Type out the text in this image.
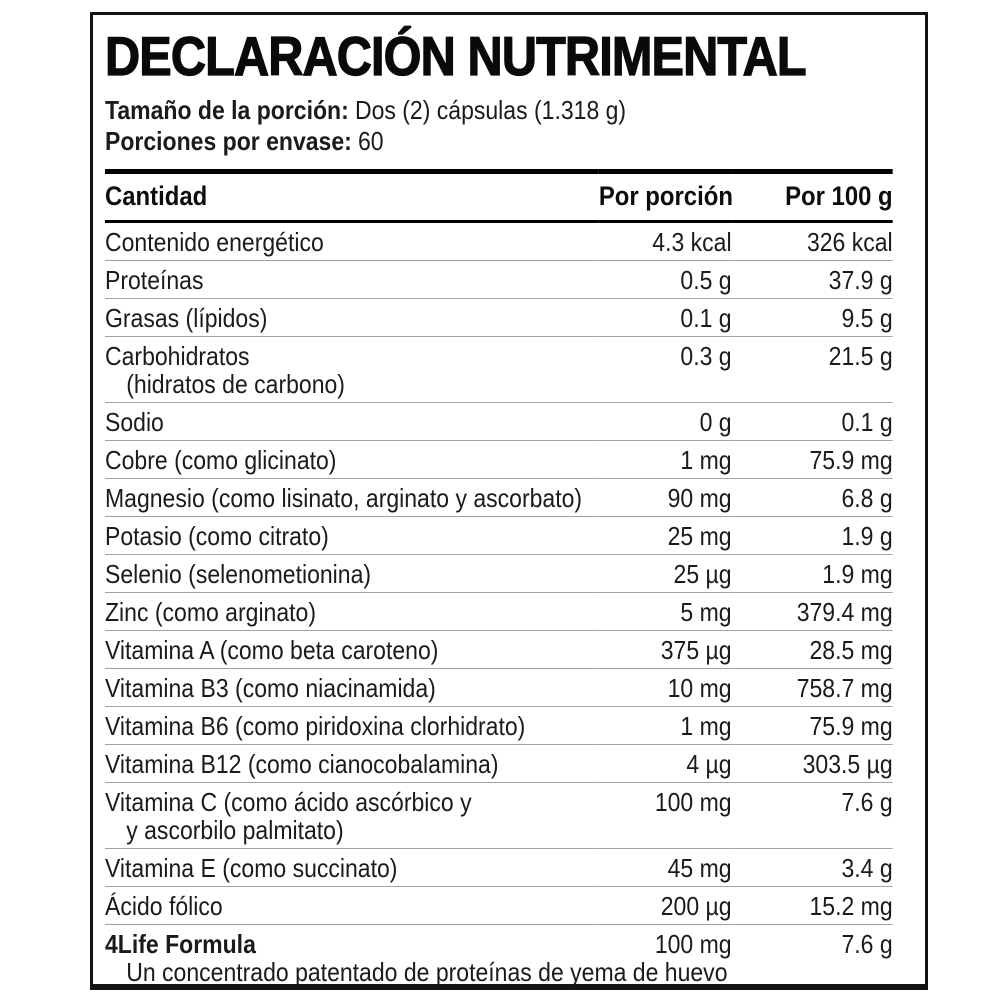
DECLARACIÓN NUTRIMENTAL
Tamaño de la porción: Dos (2) cápsulas (1.318 g)
Porciones por envase: 60
Cantidad	Por porción	Por 100 g

Contenido energético	4.3 kcal	326 kcal

Proteínas	0.5 g	37.9 g

Grasas (lípidos)	0.1 g	9.5 g

Carbohidratos
(hidratos de carbono)	0.3 g	21.5 g

Sodio	0 g	0.1 g

Cobre (como glicinato)	1 mg	75.9 mg

Magnesio (como lisinato, arginato y ascorbato)	90 mg	6.8 g

Potasio (como citrato)	25 mg	1.9 g

Selenio (selenometionina)	25 µg	1.9 mg

Zinc (como arginato)	5 mg	379.4 mg

Vitamina A (como beta caroteno)	375 µg	28.5 mg

Vitamina B3 (como niacinamida)	10 mg	758.7 mg

Vitamina B6 (como piridoxina clorhidrato)	1 mg	75.9 mg

Vitamina B12 (como cianocobalamina)	4 µg	303.5 µg

Vitamina C (como ácido ascórbico y
y ascorbilo palmitato)	100 mg	7.6 g

Vitamina E (como succinato)	45 mg	3.4 g

Ácido fólico	200 µg	15.2 mg

4Life Formula
Un concentrado patentado de proteínas de yema de huevo	100 mg	7.6 g
